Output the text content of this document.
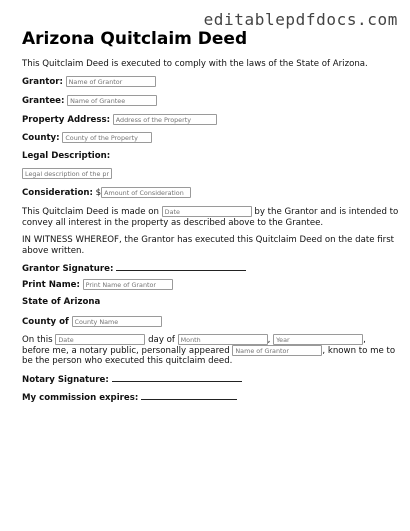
editablepdfdocs.com
Arizona Quitclaim Deed
This Quitclaim Deed is executed to comply with the laws of the State of Arizona.
Grantor: Name of Grantor
Grantee: Name of Grantee
Property Address: Address of the Property
County: County of the Property
Legal Description:
Legal description of the pr
Consideration: $Amount of Consideration
This Quitclaim Deed is made on Date	by the Grantor and is intended to
convey all interest in the property as described above to the Grantee.
IN WITNESS WHEREOF, the Grantor has executed this Quitclaim Deed on the date first
above written.
Grantor Signature:
Print Name: Print Name of Grantor
State of Arizona
County of County Name
On this Date	day of Month	, Year	,
before me, a notary public, personally appeared Name of Grantor	, known to me to
be the person who executed this quitclaim deed.
Notary Signature:
My commission expires:
